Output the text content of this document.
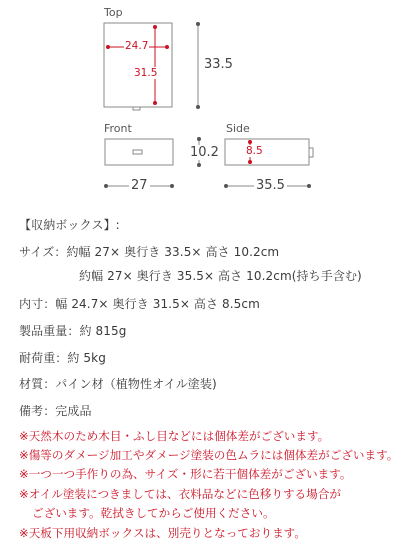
Top
24.7
31.5
33.5
Front
10.2
27
Side
8.5
35.5
【収納ボックス】:
サイズ：約幅 27× 奥行き 33.5× 高さ 10.2cm
約幅 27× 奥行き 35.5× 高さ 10.2cm(持ち手含む)
内寸：幅 24.7× 奥行き 31.5× 高さ 8.5cm
製品重量：約 815g
耐荷重：約 5kg
材質：パイン材（植物性オイル塗装)
備考：完成品
※天然木のため木目・ふし目などには個体差がございます。
※傷等のダメージ加工やダメージ塗装の色ムラには個体差がございます。
※一つ一つ手作りの為、サイズ・形に若干個体差がございます。
※オイル塗装につきましては、衣料品などに色移りする場合が
ございます。乾拭きしてからご使用ください。
※天板下用収納ボックスは、別売りとなっております。
